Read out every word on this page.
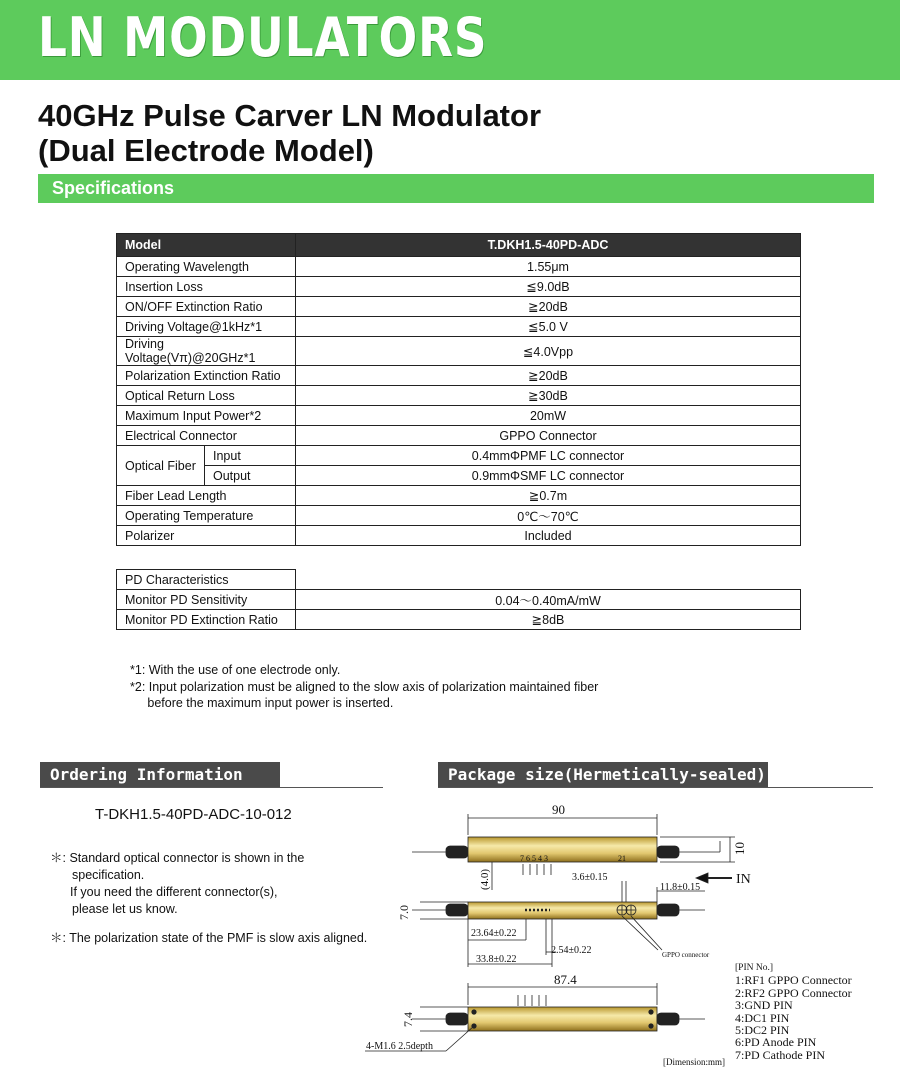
LN MODULATORS
40GHz Pulse Carver LN Modulator
(Dual Electrode Model)
Specifications
Model		T.DKH1.5-40PD-ADC
Operating Wavelength		1.55μm
Insertion Loss		≦9.0dB
ON/OFF Extinction Ratio		≧20dB
Driving Voltage@1kHz*1		≦5.0 V
Driving Voltage(Vπ)@20GHz*1		≦4.0Vpp
Polarization Extinction Ratio		≧20dB
Optical Return Loss		≧30dB
Maximum Input Power*2		20mW
Electrical Connector		GPPO Connector
Optical Fiber	Input	0.4mmΦPMF LC connector
	Output	0.9mmΦSMF LC connector
Fiber Lead Length		≧0.7m
Operating Temperature		0℃～70℃
Polarizer		Included
PD Characteristics	
Monitor PD Sensitivity	0.04～0.40mA/mW
Monitor PD Extinction Ratio	≧8dB
*1: With the use of one electrode only.
*2: Input polarization must be aligned to the slow axis of polarization maintained fiber
before the maximum input power is inserted.
Ordering Information
T-DKH1.5-40PD-ADC-10-012
＊: Standard optical connector is shown in the
specification.
If you need the different connector(s),
please let us know.
＊: The polarization state of the PMF is slow axis aligned.
Package size(Hermetically-sealed)
90
10
7 6 5 4 3	21
(4.0)	IN
3.6±0.15
11.8±0.15
7.0
GPPO connector
23.64±0.22
2.54±0.22
33.8±0.22
87.4
7.4
4-M1.6 2.5depth
[PIN No.]
1:RF1 GPPO Connector
2:RF2 GPPO Connector
3:GND PIN
4:DC1 PIN
5:DC2 PIN
6:PD Anode PIN
7:PD Cathode PIN
[Dimension:mm]
